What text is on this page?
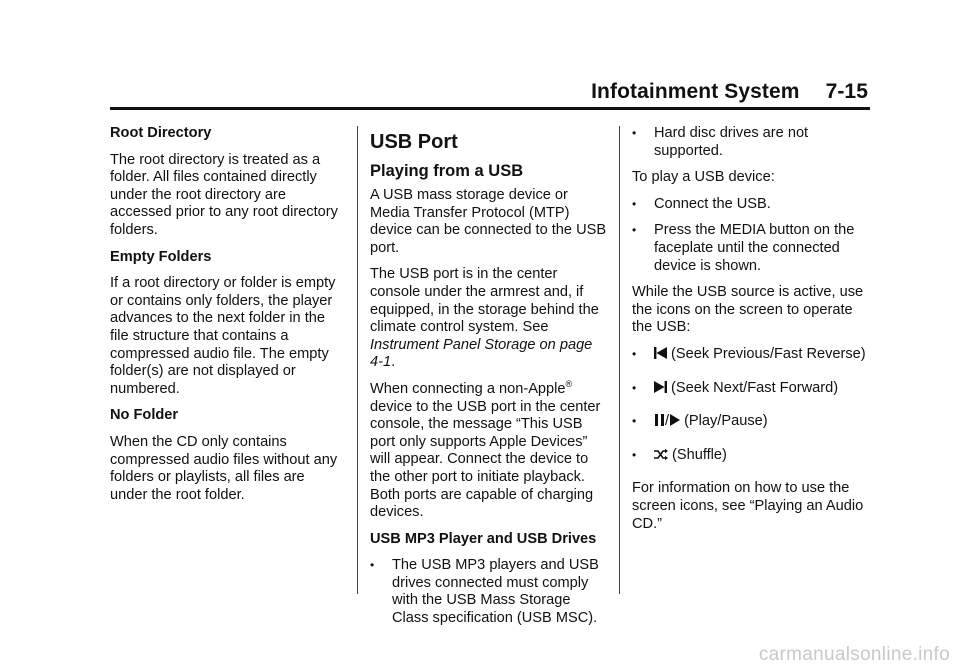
Infotainment System 7-15

Root Directory

The root directory is treated as a folder. All files contained directly under the root directory are accessed prior to any root directory folders.

Empty Folders

If a root directory or folder is empty or contains only folders, the player advances to the next folder in the file structure that contains a compressed audio file. The empty folder(s) are not displayed or numbered.

No Folder

When the CD only contains compressed audio files without any folders or playlists, all files are under the root folder.

USB Port
Playing from a USB

A USB mass storage device or Media Transfer Protocol (MTP) device can be connected to the USB port.

The USB port is in the center console under the armrest and, if equipped, in the storage behind the climate control system. See Instrument Panel Storage on page 4-1.

When connecting a non-Apple® device to the USB port in the center console, the message “This USB port only supports Apple Devices” will appear. Connect the device to the other port to initiate playback. Both ports are capable of charging devices.

USB MP3 Player and USB Drives

• The USB MP3 players and USB drives connected must comply with the USB Mass Storage Class specification (USB MSC).
• Hard disc drives are not supported.

To play a USB device:

• Connect the USB.
• Press the MEDIA button on the faceplate until the connected device is shown.

While the USB source is active, use the icons on the screen to operate the USB:

• (Seek Previous/Fast Reverse)
• (Seek Next/Fast Forward)
• / (Play/Pause)
• (Shuffle)

For information on how to use the screen icons, see “Playing an Audio CD.”

carmanualsonline.info
